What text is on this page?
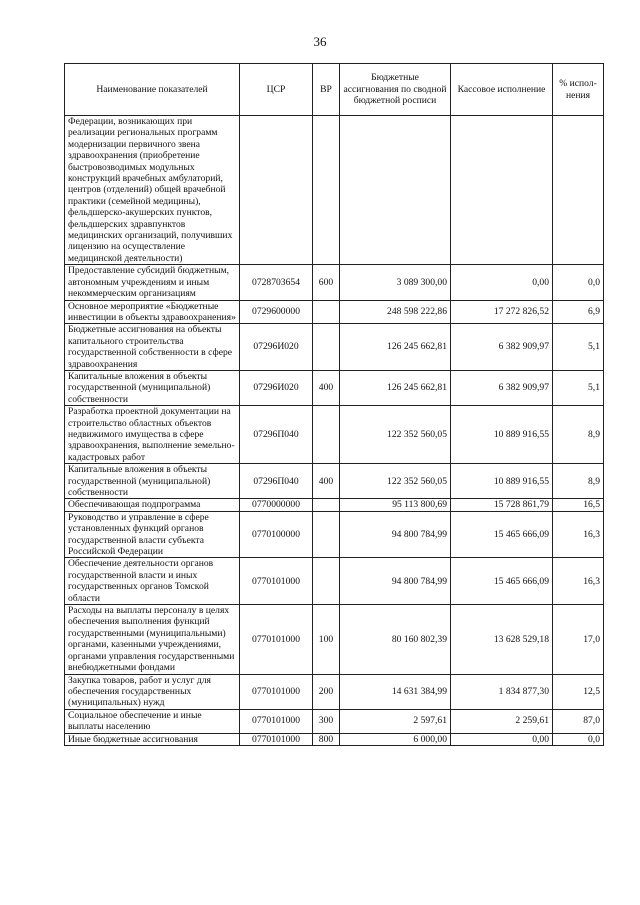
36
Наименование показателей	ЦСР	ВР	Бюджетные ассигнования по сводной бюджетной росписи	Кассовое исполнение	% испол-нения
Федерации, возникающих при реализации региональных программ модернизации первичного звена здравоохранения (приобретение быстровозводимых модульных конструкций врачебных амбулаторий, центров (отделений) общей врачебной практики (семейной медицины), фельдшерско-акушерских пунктов, фельдшерских здравпунктов медицинских организаций, получивших лицензию на осуществление медицинской деятельности)					
Предоставление субсидий бюджетным, автономным учреждениям и иным некоммерческим организациям	0728703654	600	3 089 300,00	0,00	0,0
Основное мероприятие «Бюджетные инвестиции в объекты здравоохранения»	0729600000		248 598 222,86	17 272 826,52	6,9
Бюджетные ассигнования на объекты капитального строительства государственной собственности в сфере здравоохранения	07296И020		126 245 662,81	6 382 909,97	5,1
Капитальные вложения в объекты государственной (муниципальной) собственности	07296И020	400	126 245 662,81	6 382 909,97	5,1
Разработка проектной документации на строительство областных объектов недвижимого имущества в сфере здравоохранения, выполнение земельно-кадастровых работ	07296П040		122 352 560,05	10 889 916,55	8,9
Капитальные вложения в объекты государственной (муниципальной) собственности	07296П040	400	122 352 560,05	10 889 916,55	8,9
Обеспечивающая подпрограмма	0770000000		95 113 800,69	15 728 861,79	16,5
Руководство и управление в сфере установленных функций органов государственной власти субъекта Российской Федерации	0770100000		94 800 784,99	15 465 666,09	16,3
Обеспечение деятельности органов государственной власти и иных государственных органов Томской области	0770101000		94 800 784,99	15 465 666,09	16,3
Расходы на выплаты персоналу в целях обеспечения выполнения функций государственными (муниципальными) органами, казенными учреждениями, органами управления государственными внебюджетными фондами	0770101000	100	80 160 802,39	13 628 529,18	17,0
Закупка товаров, работ и услуг для обеспечения государственных (муниципальных) нужд	0770101000	200	14 631 384,99	1 834 877,30	12,5
Социальное обеспечение и иные выплаты населению	0770101000	300	2 597,61	2 259,61	87,0
Иные бюджетные ассигнования	0770101000	800	6 000,00	0,00	0,0
